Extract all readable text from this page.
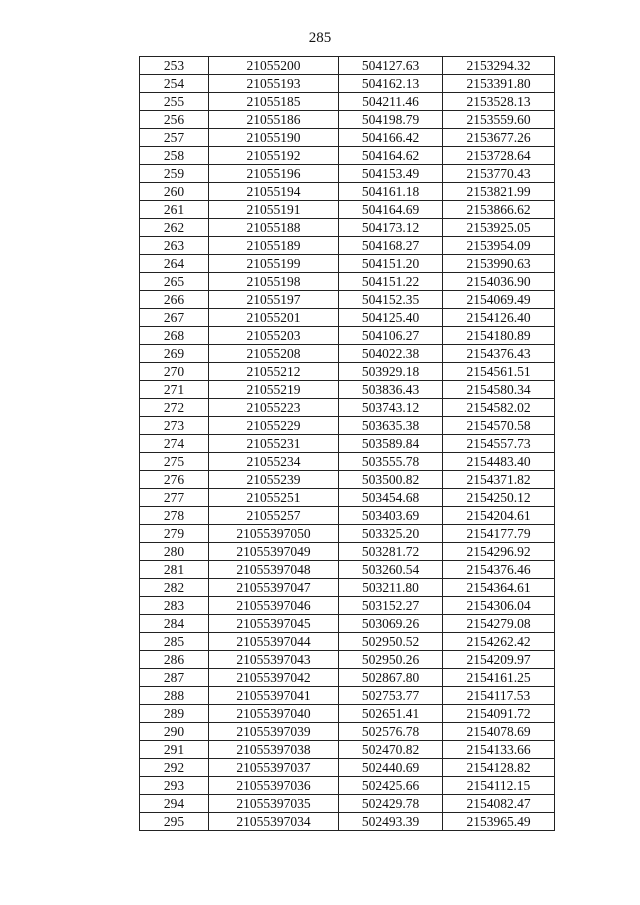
285
253	21055200	504127.63	2153294.32
254	21055193	504162.13	2153391.80
255	21055185	504211.46	2153528.13
256	21055186	504198.79	2153559.60
257	21055190	504166.42	2153677.26
258	21055192	504164.62	2153728.64
259	21055196	504153.49	2153770.43
260	21055194	504161.18	2153821.99
261	21055191	504164.69	2153866.62
262	21055188	504173.12	2153925.05
263	21055189	504168.27	2153954.09
264	21055199	504151.20	2153990.63
265	21055198	504151.22	2154036.90
266	21055197	504152.35	2154069.49
267	21055201	504125.40	2154126.40
268	21055203	504106.27	2154180.89
269	21055208	504022.38	2154376.43
270	21055212	503929.18	2154561.51
271	21055219	503836.43	2154580.34
272	21055223	503743.12	2154582.02
273	21055229	503635.38	2154570.58
274	21055231	503589.84	2154557.73
275	21055234	503555.78	2154483.40
276	21055239	503500.82	2154371.82
277	21055251	503454.68	2154250.12
278	21055257	503403.69	2154204.61
279	21055397050	503325.20	2154177.79
280	21055397049	503281.72	2154296.92
281	21055397048	503260.54	2154376.46
282	21055397047	503211.80	2154364.61
283	21055397046	503152.27	2154306.04
284	21055397045	503069.26	2154279.08
285	21055397044	502950.52	2154262.42
286	21055397043	502950.26	2154209.97
287	21055397042	502867.80	2154161.25
288	21055397041	502753.77	2154117.53
289	21055397040	502651.41	2154091.72
290	21055397039	502576.78	2154078.69
291	21055397038	502470.82	2154133.66
292	21055397037	502440.69	2154128.82
293	21055397036	502425.66	2154112.15
294	21055397035	502429.78	2154082.47
295	21055397034	502493.39	2153965.49
